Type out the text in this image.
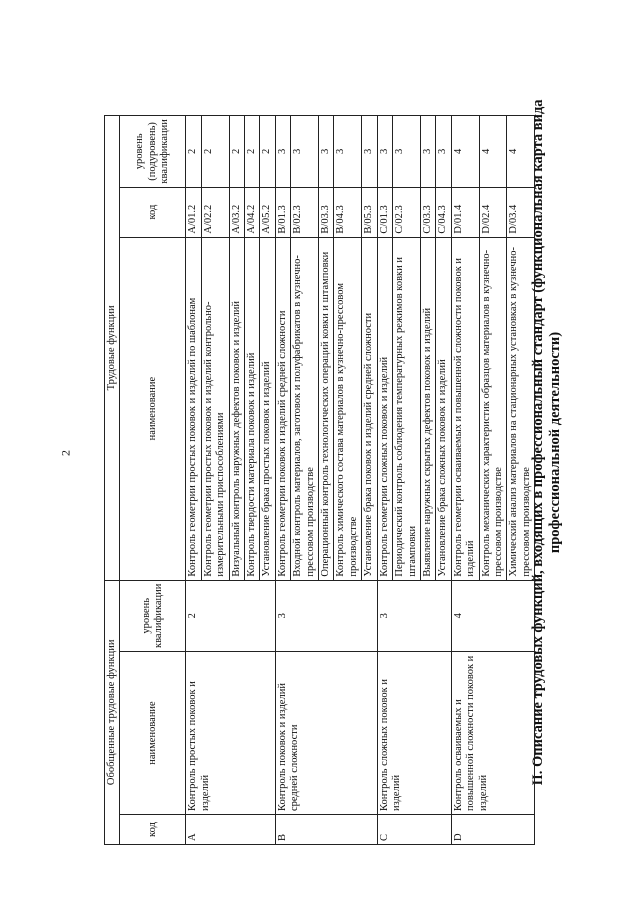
2	II. Описание трудовых функций, входящих в профессиональный стандарт (функциональная карта вида профессиональной деятельности)
Обобщенные трудовые функции			Трудовые функции		
код	наименование	уровень квалификации	наименование	код	уровень (подуровень) квалификации
A	Контроль простых поковок и изделий	2	Контроль геометрии простых поковок и изделий по шаблонам	A/01.2	2
			Контроль геометрии простых поковок и изделий контрольно-измерительными приспособлениями	A/02.2	2
			Визуальный контроль наружных дефектов поковок и изделий	A/03.2	2
			Контроль твердости материала поковок и изделий	A/04.2	2
			Установление брака простых поковок и изделий	A/05.2	2
B	Контроль поковок и изделий средней сложности	3	Контроль геометрии поковок и изделий средней сложности	B/01.3	3
			Входной контроль материалов, заготовок и полуфабрикатов в кузнечно-прессовом производстве	B/02.3	3
			Операционный контроль технологических операций ковки и штамповки	B/03.3	3
			Контроль химического состава материалов в кузнечно-прессовом производстве	B/04.3	3
			Установление брака поковок и изделий средней сложности	B/05.3	3
C	Контроль сложных поковок и изделий	3	Контроль геометрии сложных поковок и изделий	C/01.3	3
			Периодический контроль соблюдения температурных режимов ковки и штамповки	C/02.3	3
			Выявление наружных скрытых дефектов поковок и изделий	C/03.3	3
			Установление брака сложных поковок и изделий	C/04.3	3
D	Контроль осваиваемых и повышенной сложности поковок и изделий	4	Контроль геометрии осваиваемых и повышенной сложности поковок и изделий	D/01.4	4
			Контроль механических характеристик образцов материалов в кузнечно-прессовом производстве	D/02.4	4
			Химический анализ материалов на стационарных установках в кузнечно-прессовом производстве	D/03.4	4
